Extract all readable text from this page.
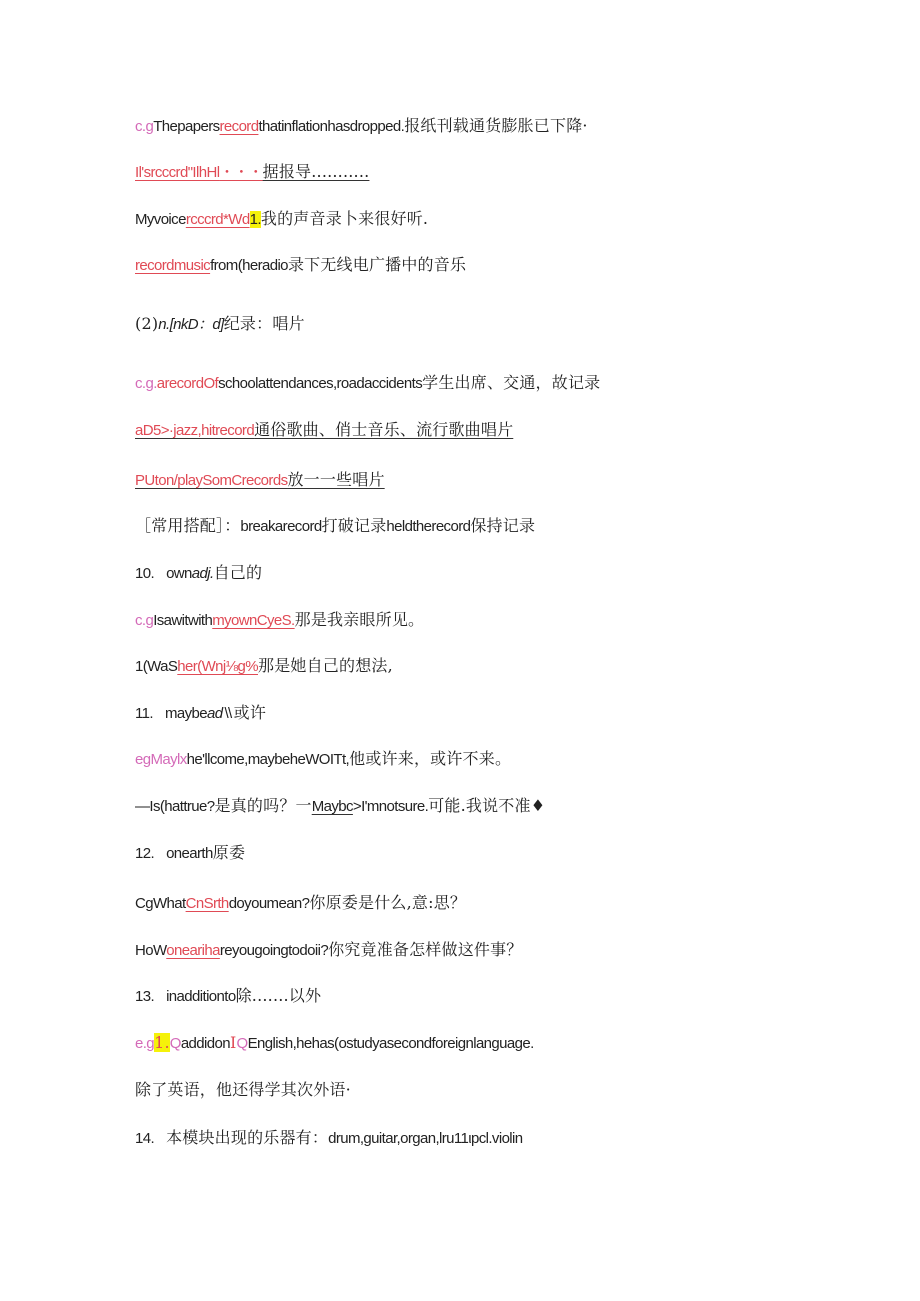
c.gThepapersrecordthatinflationhasdropped.报纸刊载通货膨胀已下降·
Il'srcccrd"IlhHl・・・据报导...........
Myvoicercccrd*Wd1.我的声音录卜来很好听.
recordmusicfrom(heradio录下无线电广播中的音乐
(2)n.[nkD：d]纪录：唱片
c.g.arecordOfschoolattendances,roadaccidents学生出席、交通，故记录
aD5>·jazz,hitrecord通俗歌曲、俏士音乐、流行歌曲唱片
PUton/playSomCrecords放一一些唱片
［常用搭配］：breakarecord打破记录heldtherecord保持记录
10. ownadj.自己的
c.gIsawitwithmyownCyeS.那是我亲眼所见。
1(WaSher(Wnj⅛g%那是她自己的想法,
11. maybead \\ 或许
egMaylxhe'llcome,maybeheWOITt,他或许来，或许不来。
—Is(hattrue?是真的吗？一Maybc>I'mnotsure.可能.我说不准♦
12. onearth原委
CgWhatCnSrthdoyoumean?你原委是什么,意:思？
HoWonearihareyougoingtodoii?你究竟准备怎样做这件事？
13. inadditionto除.......以外
e.g1.QaddidonIQEnglish,hehas(ostudyasecondforeignlanguage.
除了英语，他还得学其次外语·
14. 本模块出现的乐器有：drum,guitar,organ,lru11ιpcl.violin
